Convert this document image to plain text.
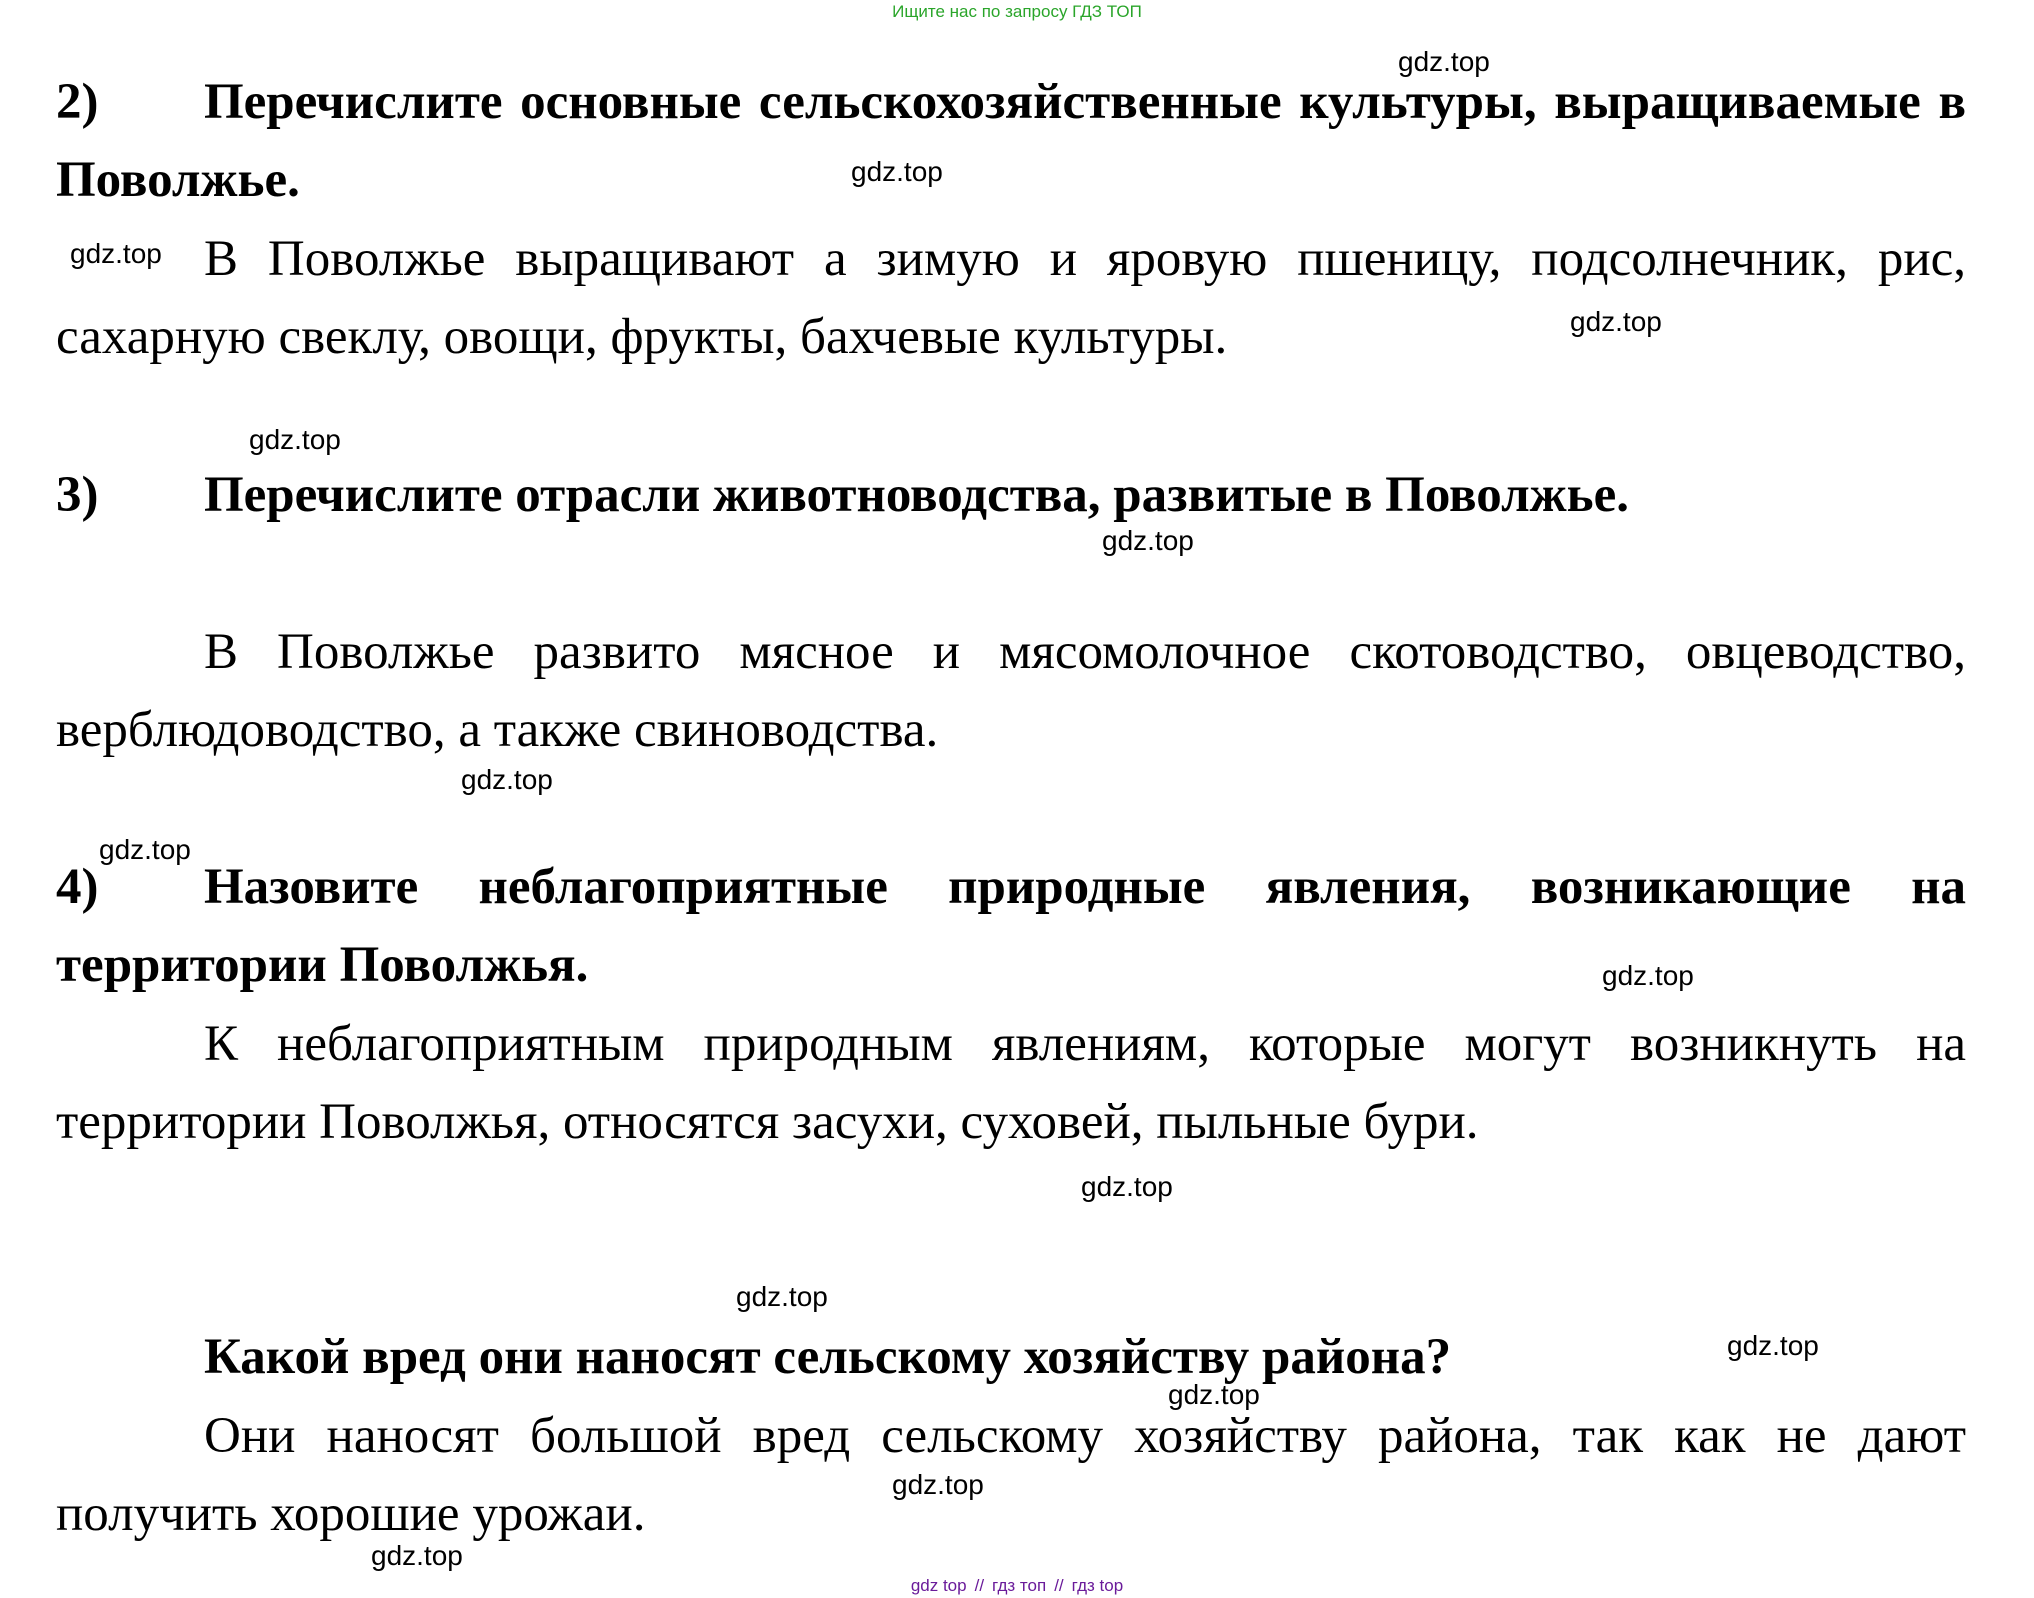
Ищите нас по запросу ГДЗ ТОП

2) Перечислите основные сельскохозяйственные культуры, выращиваемые в Поволжье.

В Поволжье выращивают а зимую и яровую пшеницу, подсолнечник, рис, сахарную свеклу, овощи, фрукты, бахчевые культуры.

3) Перечислите отрасли животноводства, развитые в Поволжье.

В Поволжье развито мясное и мясомолочное скотоводство, овцеводство, верблюдоводство, а также свиноводства.

4) Назовите неблагоприятные природные явления, возникающие на территории Поволжья.

К неблагоприятным природным явлениям, которые могут возникнуть на территории Поволжья, относятся засухи, суховей, пыльные бури.

Какой вред они наносят сельскому хозяйству района?

Они наносят большой вред сельскому хозяйству района, так как не дают получить хорошие урожаи.

gdz.top
gdz.top
gdz.top
gdz.top
gdz.top
gdz.top
gdz.top
gdz.top
gdz.top
gdz.top
gdz.top
gdz.top
gdz.top
gdz.top
gdz.top
gdz top // гдз топ // гдз top
